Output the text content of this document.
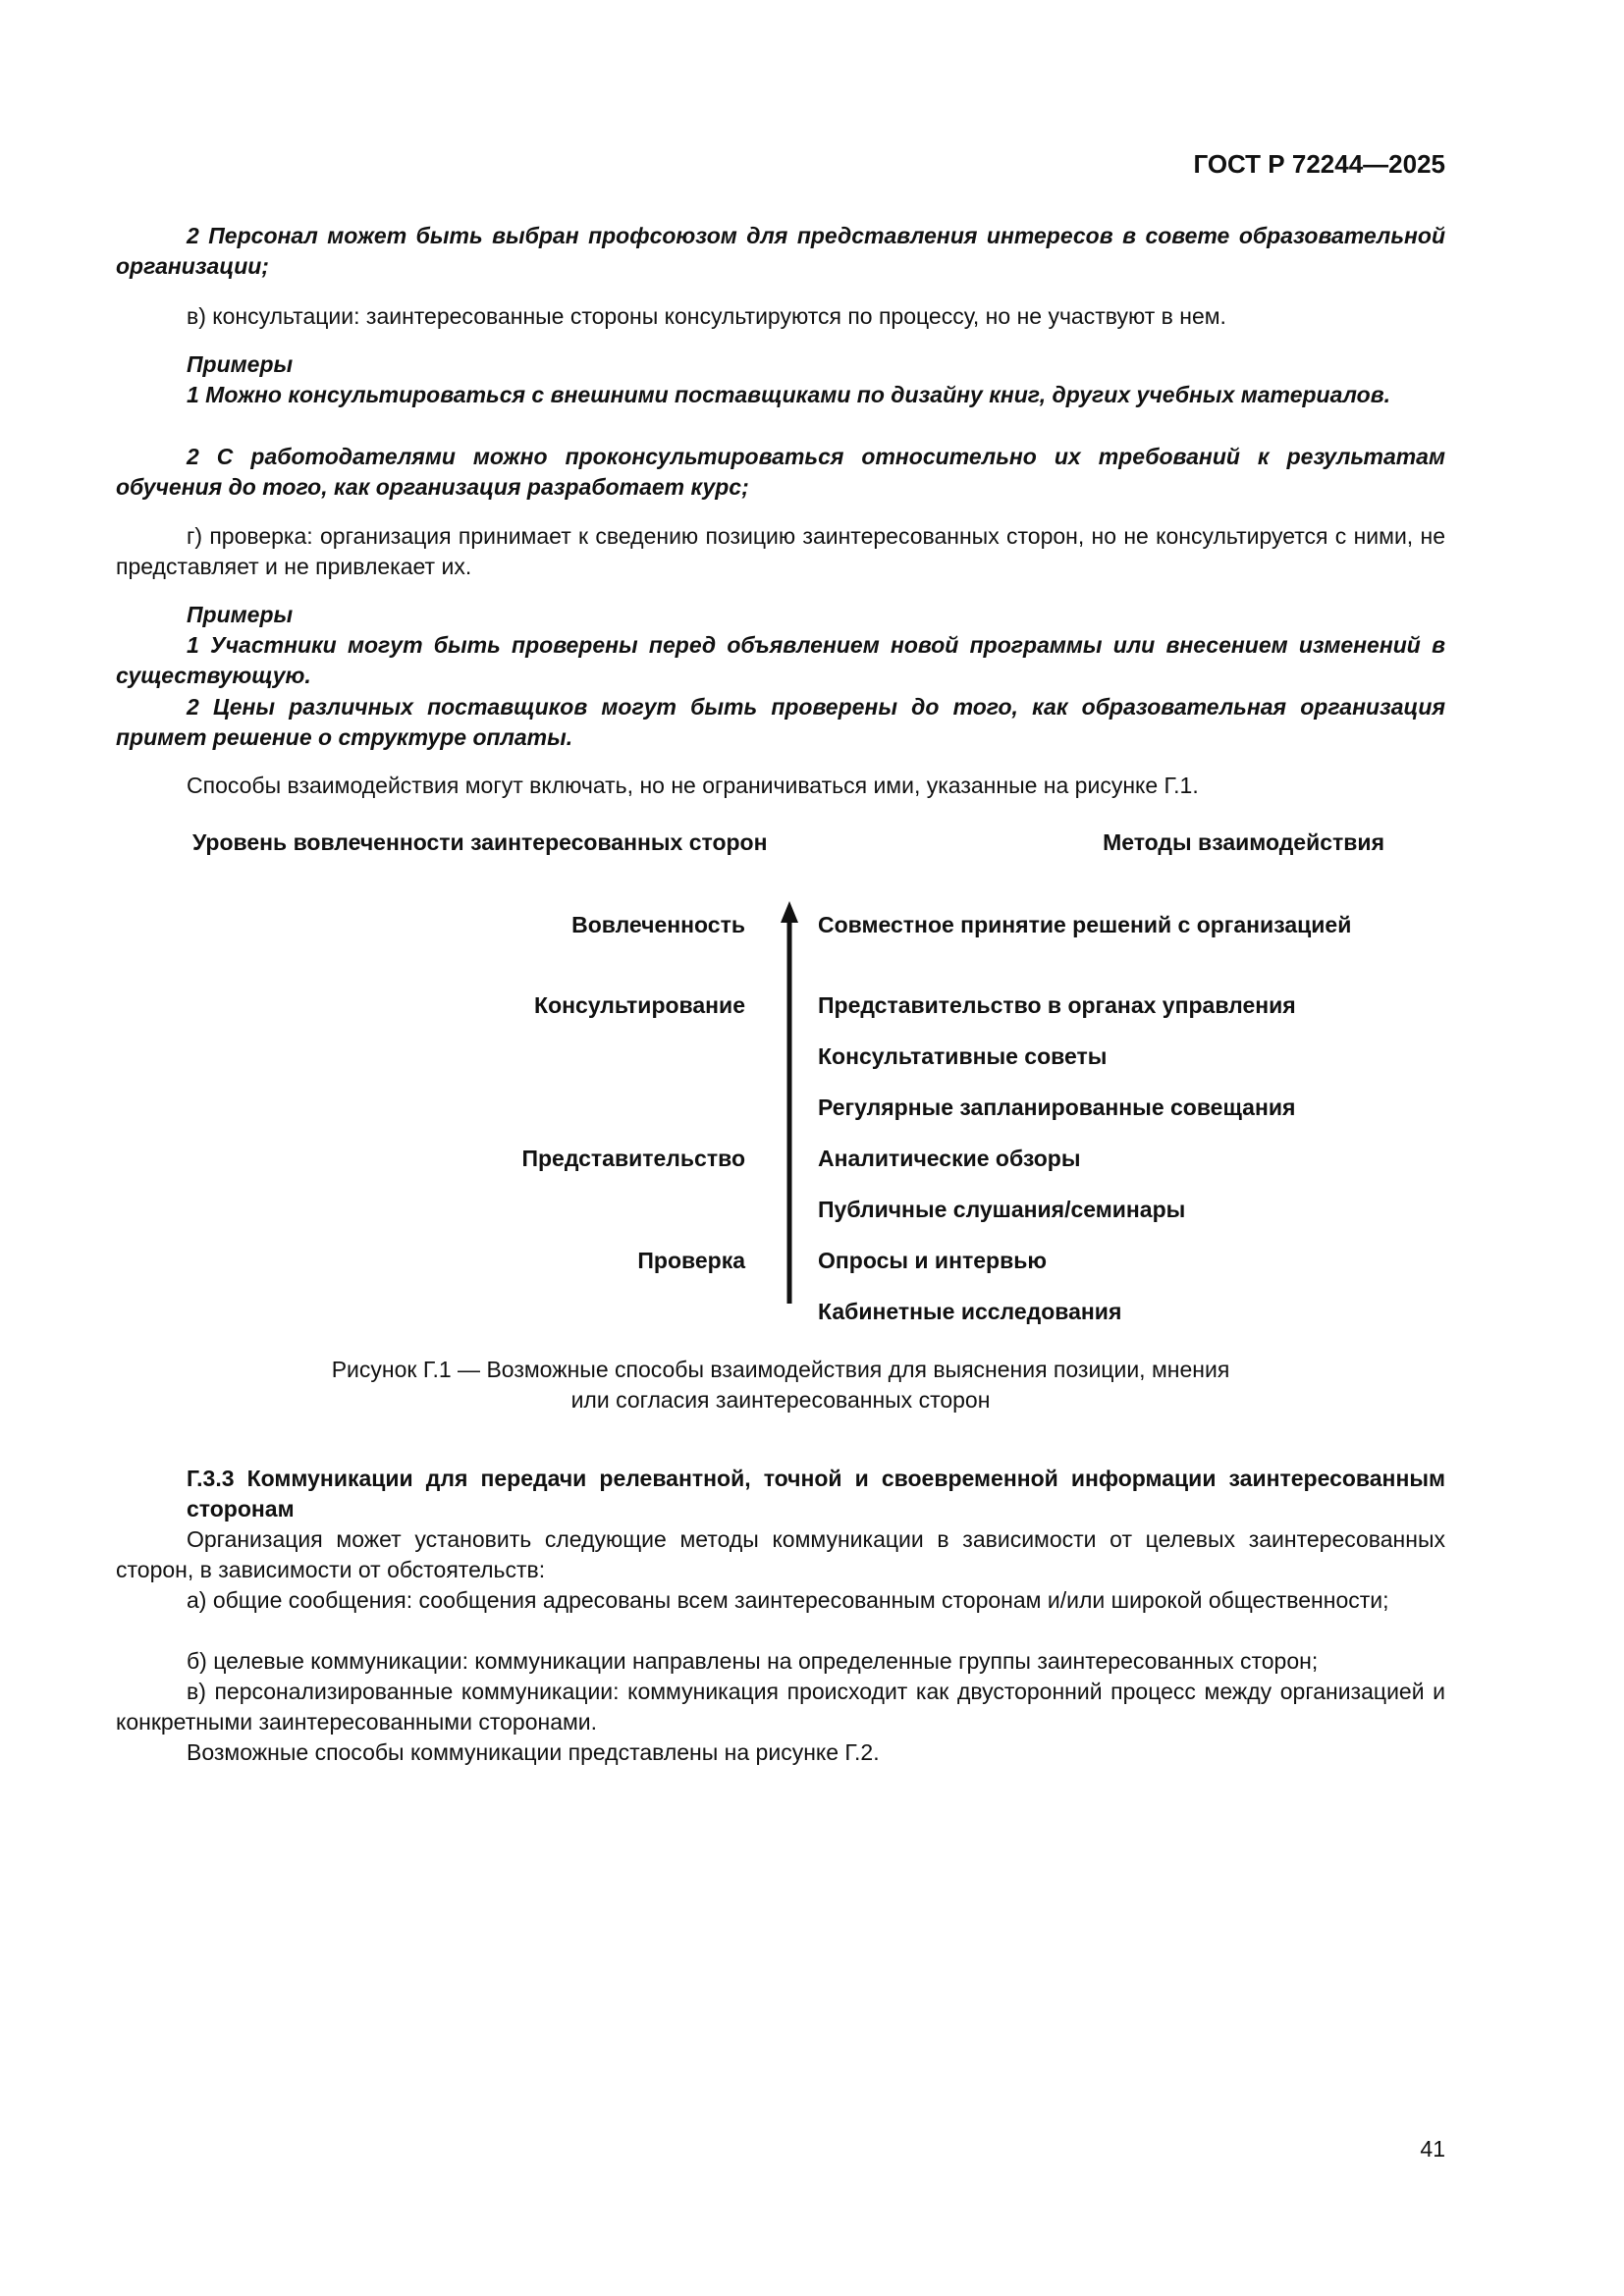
ГОСТ Р 72244—2025
2 Персонал может быть выбран профсоюзом для представления интересов в совете образовательной организации;
в) консультации: заинтересованные стороны консультируются по процессу, но не участвуют в нем.
Примеры
1 Можно консультироваться с внешними поставщиками по дизайну книг, других учебных материалов.
2 С работодателями можно проконсультироваться относительно их требований к результатам обучения до того, как организация разработает курс;
г) проверка: организация принимает к сведению позицию заинтересованных сторон, но не консультируется с ними, не представляет и не привлекает их.
Примеры
1 Участники могут быть проверены перед объявлением новой программы или внесением изменений в существующую.
2 Цены различных поставщиков могут быть проверены до того, как образовательная организация примет решение о структуре оплаты.
Способы взаимодействия могут включать, но не ограничиваться ими, указанные на рисунке Г.1.
Уровень вовлеченности заинтересованных сторон	Методы взаимодействия
Вовлеченность
Консультирование
Представительство
Проверка
Совместное принятие решений с организацией
Представительство в органах управления
Консультативные советы
Регулярные запланированные совещания
Аналитические обзоры
Публичные слушания/семинары
Опросы и интервью
Кабинетные исследования
Рисунок Г.1 — Возможные способы взаимодействия для выяснения позиции, мнения или согласия заинтересованных сторон
Г.3.3 Коммуникации для передачи релевантной, точной и своевременной информации заинтересованным сторонам
Организация может установить следующие методы коммуникации в зависимости от целевых заинтересованных сторон, в зависимости от обстоятельств:
а) общие сообщения: сообщения адресованы всем заинтересованным сторонам и/или широкой общественности;
б) целевые коммуникации: коммуникации направлены на определенные группы заинтересованных сторон;
в) персонализированные коммуникации: коммуникация происходит как двусторонний процесс между организацией и конкретными заинтересованными сторонами.
Возможные способы коммуникации представлены на рисунке Г.2.
41
